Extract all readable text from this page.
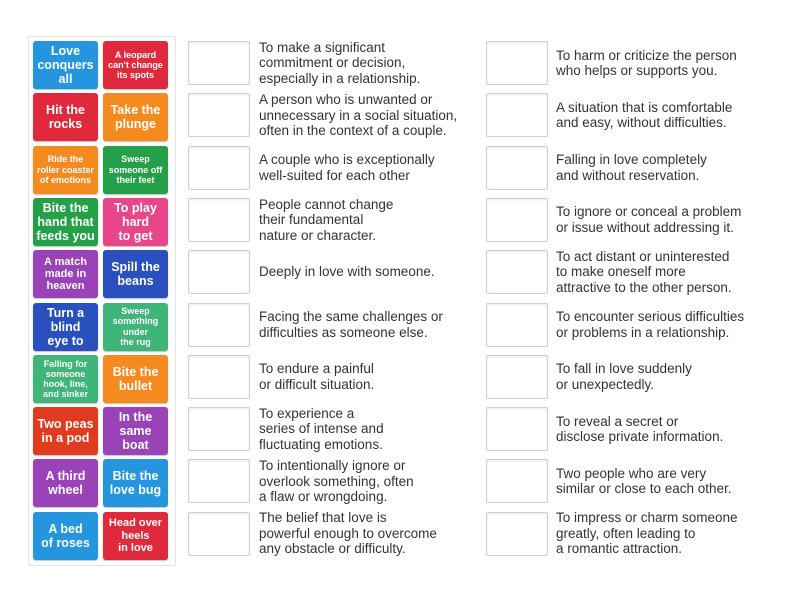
Love
conquers
all
A leopard
can't change
its spots
Hit the
rocks
Take the
plunge
Ride the
roller coaster
of emotions
Sweep
someone off
their feet
Bite the
hand that
feeds you
To play
hard
to get
A match
made in
heaven
Spill the
beans
Turn a
blind
eye to
Sweep
something
under
the rug
Falling for
someone
hook, line,
and sinker
Bite the
bullet
Two peas
in a pod
In the
same
boat
A third
wheel
Bite the
love bug
A bed
of roses
Head over
heels
in love
To make a significant
commitment or decision,
especially in a relationship.
A person who is unwanted or
unnecessary in a social situation,
often in the context of a couple.
A couple who is exceptionally
well-suited for each other
People cannot change
their fundamental
nature or character.
Deeply in love with someone.
Facing the same challenges or
difficulties as someone else.
To endure a painful
or difficult situation.
To experience a
series of intense and
fluctuating emotions.
To intentionally ignore or
overlook something, often
a flaw or wrongdoing.
The belief that love is
powerful enough to overcome
any obstacle or difficulty.
To harm or criticize the person
who helps or supports you.
A situation that is comfortable
and easy, without difficulties.
Falling in love completely
and without reservation.
To ignore or conceal a problem
or issue without addressing it.
To act distant or uninterested
to make oneself more
attractive to the other person.
To encounter serious difficulties
or problems in a relationship.
To fall in love suddenly
or unexpectedly.
To reveal a secret or
disclose private information.
Two people who are very
similar or close to each other.
To impress or charm someone
greatly, often leading to
a romantic attraction.
